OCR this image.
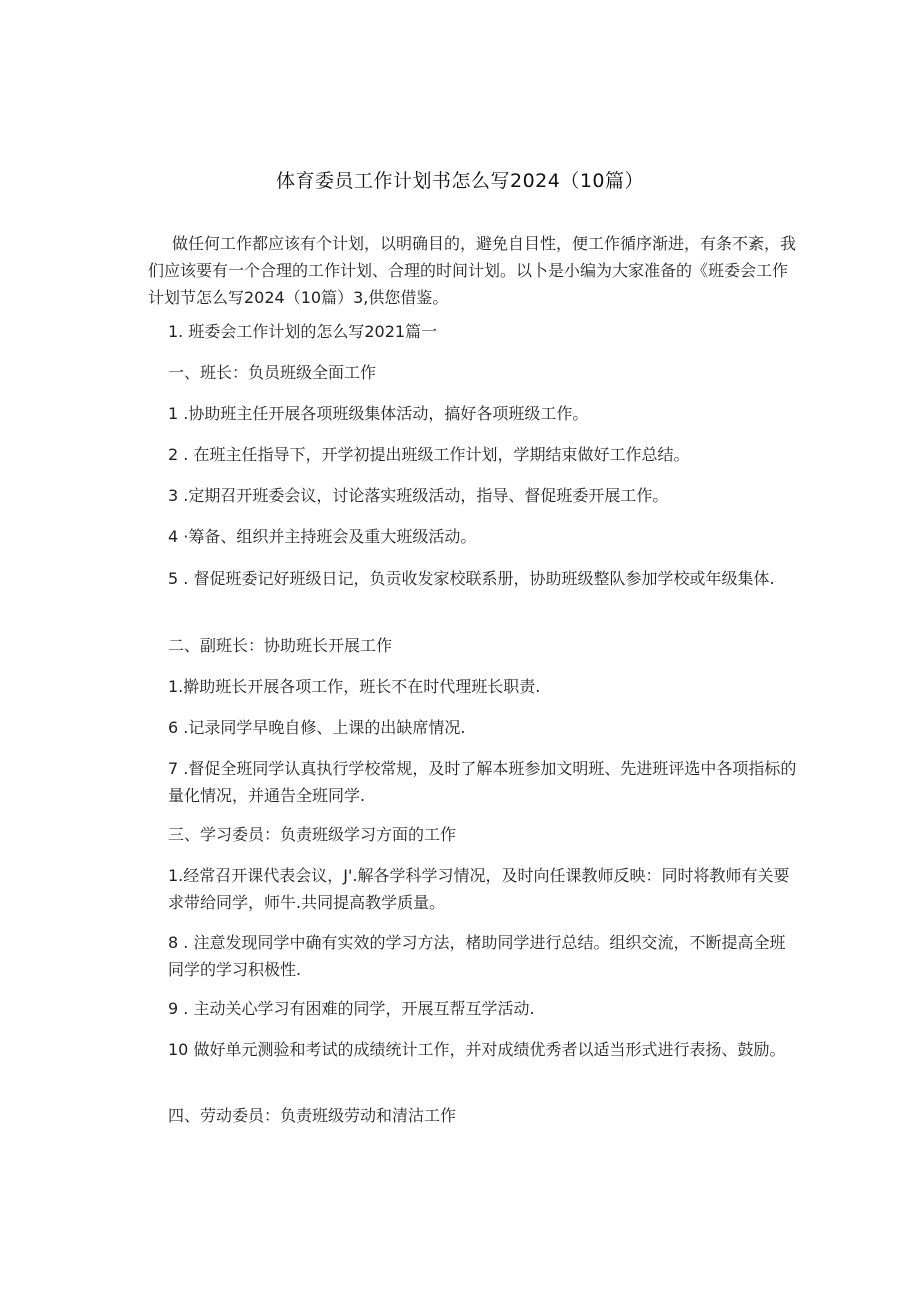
体育委员工作计划书怎么写2024（10篇）

做任何工作都应该有个计划，以明确目的，避免自目性，便工作循序渐进，有条不紊，我们应该要有一个合理的工作计划、合理的时间计划。以卜是小编为大家准备的《班委会工作计划节怎么写2024（10篇）3,供您借鉴。

1. 班委会工作计划的怎么写2021篇一

一、班长：负员班级全面工作

1 .协助班主任开展各项班级集体活动，搞好各项班级工作。

2 . 在班主任指导下，开学初提出班级工作计划，学期结束做好工作总结。

3 .定期召开班委会议，讨论落实班级活动，指导、督促班委开展工作。

4 ·筹备、组织并主持班会及重大班级活动。

5 . 督促班委记好班级日记，负贡收发家校联系册，协助班级整队参加学校或年级集体.

二、副班长：协助班长开展工作

1.擀助班长开展各项工作，班长不在时代理班长职责.

6 .记录同学早晚自修、上课的出缺席情况.

7 .督促全班同学认真执行学校常规，及时了解本班参加文明班、先进班评选中各项指标的量化情况，并通告全班同学.

三、学习委员：负责班级学习方面的工作

1.经常召开课代表会议，J'.解各学科学习情况，及时向任课教师反映：同时将教师有关要求带给同学，师牛.共同提高教学质量。

8 . 注意发现同学中确有实效的学习方法，楮助同学进行总结。组织交流，不断提高全班同学的学习积极性.

9 . 主动关心学习有困难的同学，开展互帮互学活动.

10 做好单元测验和考试的成绩统计工作，并对成绩优秀者以适当形式进行表扬、鼓励。

四、劳动委员：负责班级劳动和清沽工作
